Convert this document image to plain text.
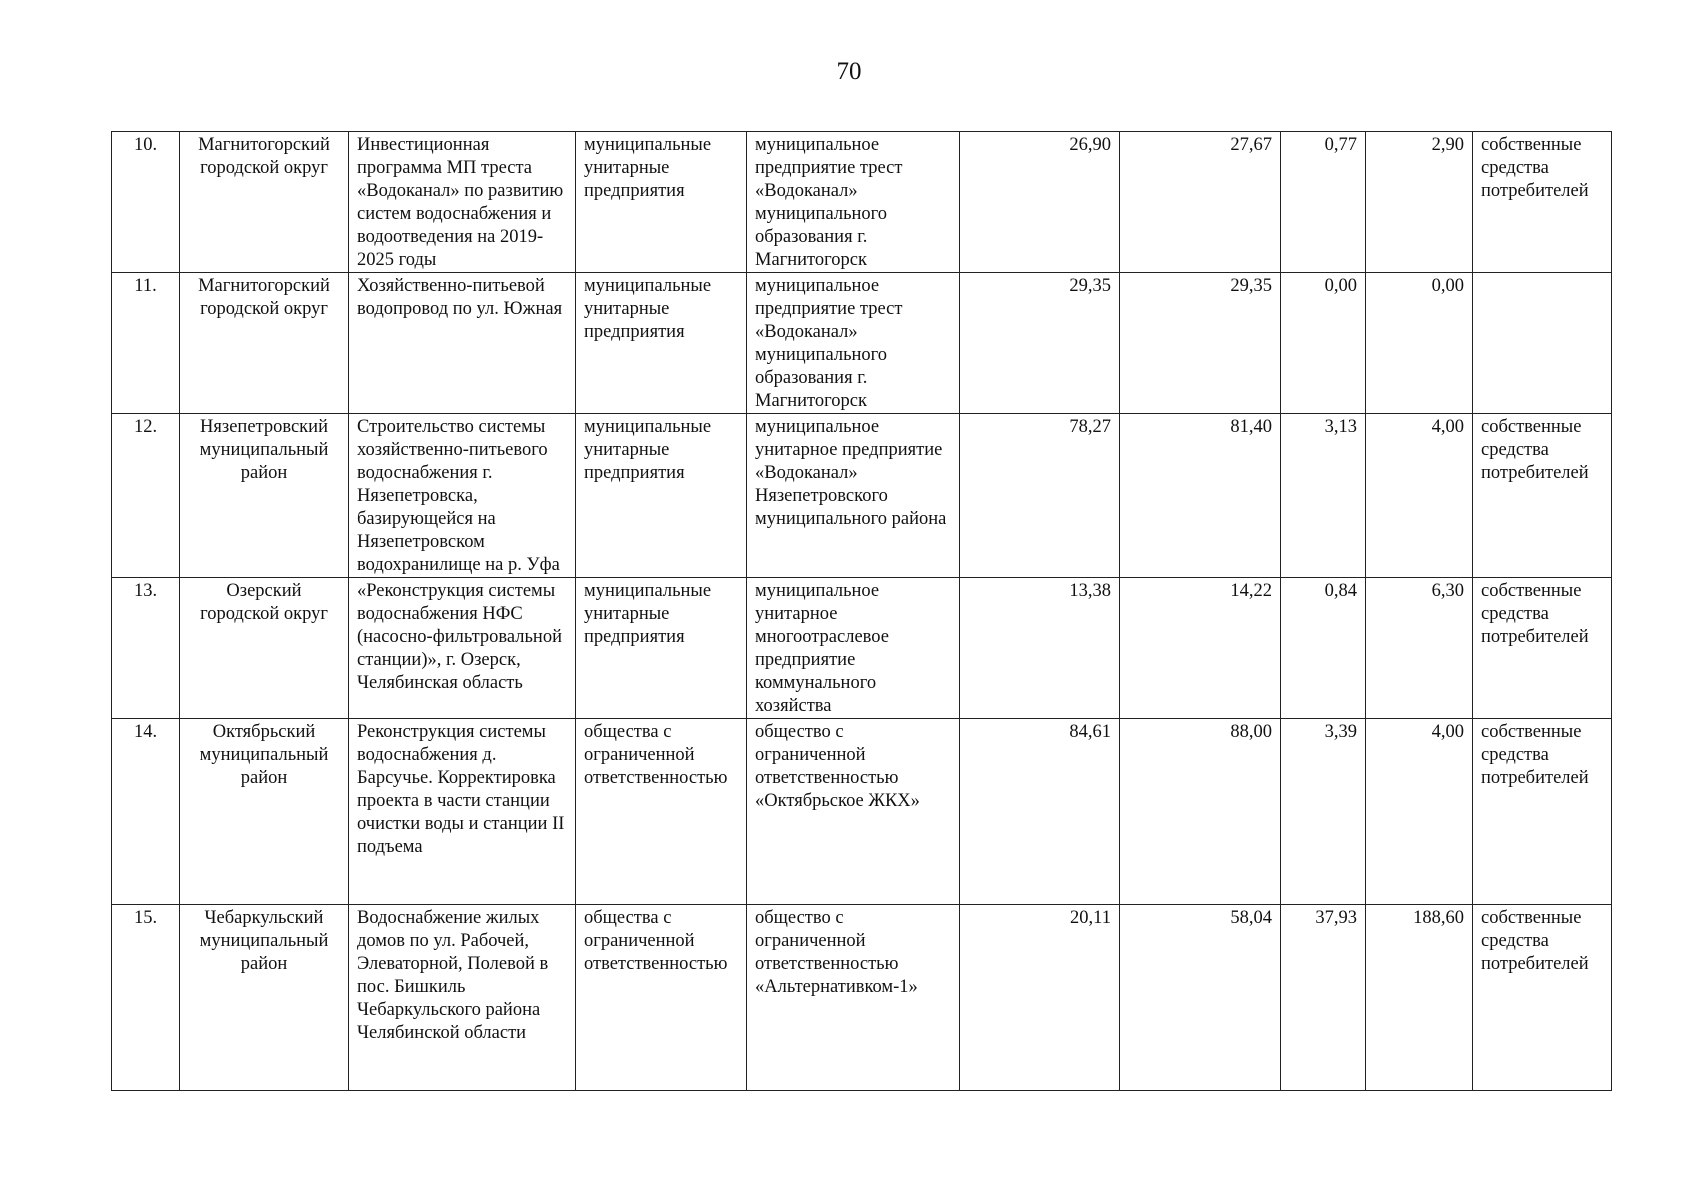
70
10.	Магнитогорский городской округ	Инвестиционная программа МП треста «Водоканал» по развитию систем водоснабжения и водоотведения на 2019-2025 годы	муниципальные унитарные предприятия	муниципальное предприятие трест «Водоканал» муниципального образования г. Магнитогорск	26,90	27,67	0,77	2,90	собственные средства потребителей
11.	Магнитогорский городской округ	Хозяйственно-питьевой водопровод по ул. Южная	муниципальные унитарные предприятия	муниципальное предприятие трест «Водоканал» муниципального образования г. Магнитогорск	29,35	29,35	0,00	0,00	
12.	Нязепетровский муниципальный район	Строительство системы хозяйственно-питьевого водоснабжения г. Нязепетровска, базирующейся на Нязепетровском водохранилище на р. Уфа	муниципальные унитарные предприятия	муниципальное унитарное предприятие «Водоканал» Нязепетровского муниципального района	78,27	81,40	3,13	4,00	собственные средства потребителей
13.	Озерский городской округ	«Реконструкция системы водоснабжения НФС (насосно-фильтровальной станции)», г. Озерск, Челябинская область	муниципальные унитарные предприятия	муниципальное унитарное многоотраслевое предприятие коммунального хозяйства	13,38	14,22	0,84	6,30	собственные средства потребителей
14.	Октябрьский муниципальный район	Реконструкция системы водоснабжения д. Барсучье. Корректировка проекта в части станции очистки воды и станции II подъема	общества с ограниченной ответственностью	общество с ограниченной ответственностью «Октябрьское ЖКХ»	84,61	88,00	3,39	4,00	собственные средства потребителей
15.	Чебаркульский муниципальный район	Водоснабжение жилых домов по ул. Рабочей, Элеваторной, Полевой в пос. Бишкиль Чебаркульского района Челябинской области	общества с ограниченной ответственностью	общество с ограниченной ответственностью «Альтернативком-1»	20,11	58,04	37,93	188,60	собственные средства потребителей
